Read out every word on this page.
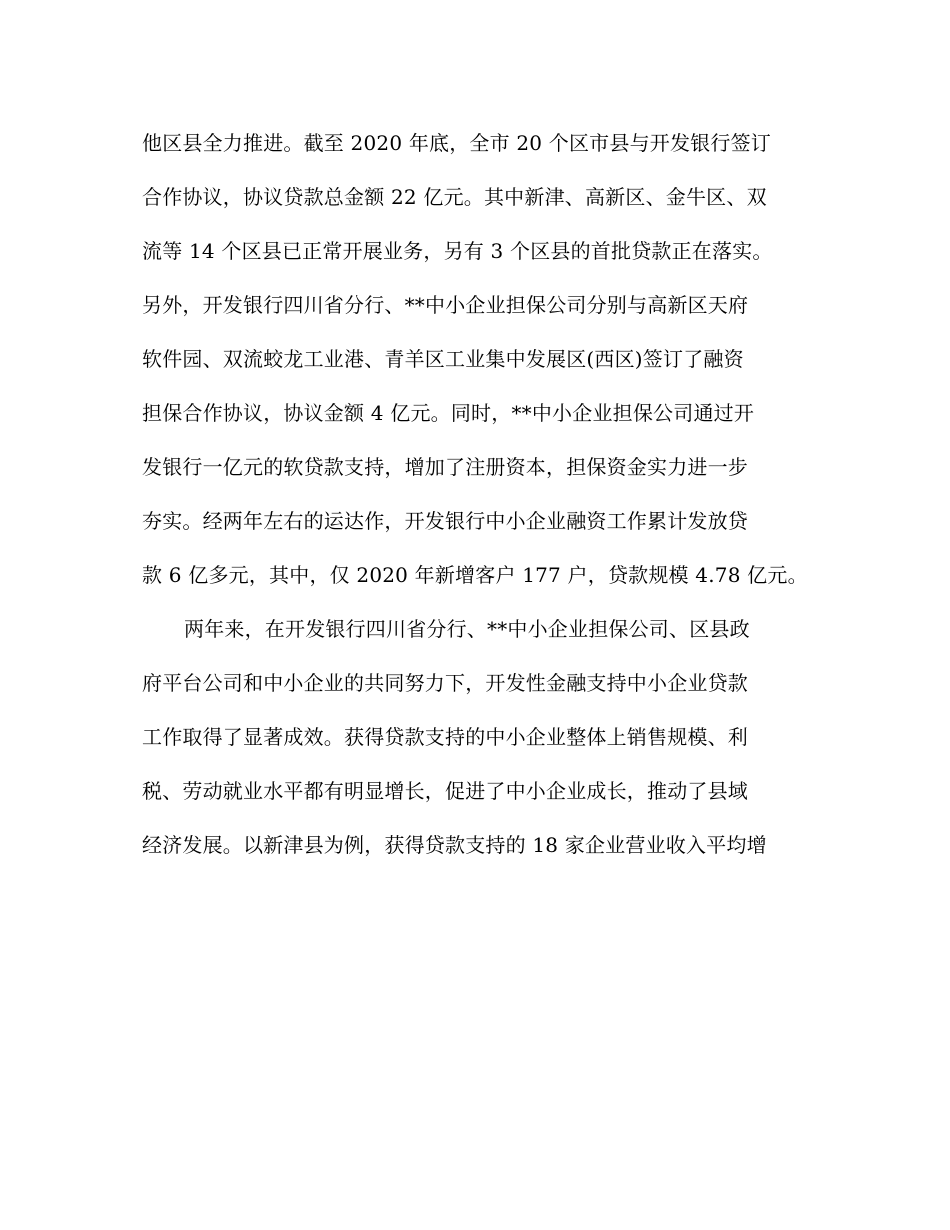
他区县全力推进。截至 2020 年底，全市 20 个区市县与开发银行签订
合作协议，协议贷款总金额 22 亿元。其中新津、高新区、金牛区、双
流等 14 个区县已正常开展业务，另有 3 个区县的首批贷款正在落实。
另外，开发银行四川省分行、**中小企业担保公司分别与高新区天府
软件园、双流蛟龙工业港、青羊区工业集中发展区(西区)签订了融资
担保合作协议，协议金额 4 亿元。同时，**中小企业担保公司通过开
发银行一亿元的软贷款支持，增加了注册资本，担保资金实力进一步
夯实。经两年左右的运达作，开发银行中小企业融资工作累计发放贷
款 6 亿多元，其中，仅 2020 年新增客户 177 户，贷款规模 4.78 亿元。
两年来，在开发银行四川省分行、**中小企业担保公司、区县政
府平台公司和中小企业的共同努力下，开发性金融支持中小企业贷款
工作取得了显著成效。获得贷款支持的中小企业整体上销售规模、利
税、劳动就业水平都有明显增长，促进了中小企业成长，推动了县域
经济发展。以新津县为例，获得贷款支持的 18 家企业营业收入平均增
